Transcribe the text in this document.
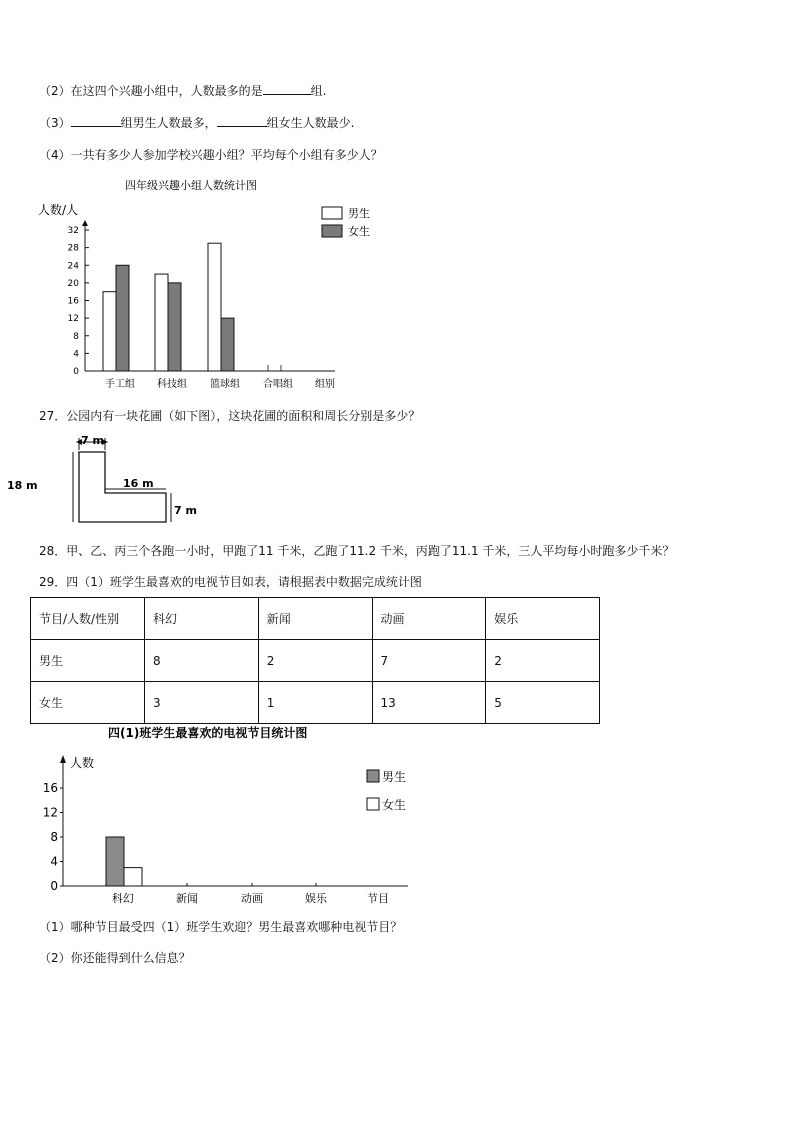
（2）在这四个兴趣小组中，人数最多的是	组.
（3）	组男生人数最多，	组女生人数最少.
（4）一共有多少人参加学校兴趣小组？平均每个小组有多少人？
四年级兴趣小组人数统计图
人数/人
0
4
8
12
16
20
24
28
32
手工组 科技组 篮球组 合唱组 组别
男生
女生
27．公园内有一块花圃（如下图），这块花圃的面积和周长分别是多少？
7 m
18 m	16 m
7 m
28．甲、乙、丙三个各跑一小时，甲跑了11 千米，乙跑了11.2 千米，丙跑了11.1 千米，三人平均每小时跑多少千米？
29．四（1）班学生最喜欢的电视节目如表，请根据表中数据完成统计图
节目/人数/性别	科幻	新闻	动画	娱乐
男生	8	2	7	2
女生	3	1	13	5
四(1)班学生最喜欢的电视节目统计图
人数
0
4
8
12
16
科幻	新闻	动画	娱乐	节目
男生
女生
（1）哪种节目最受四（1）班学生欢迎？男生最喜欢哪种电视节目？
（2）你还能得到什么信息？
